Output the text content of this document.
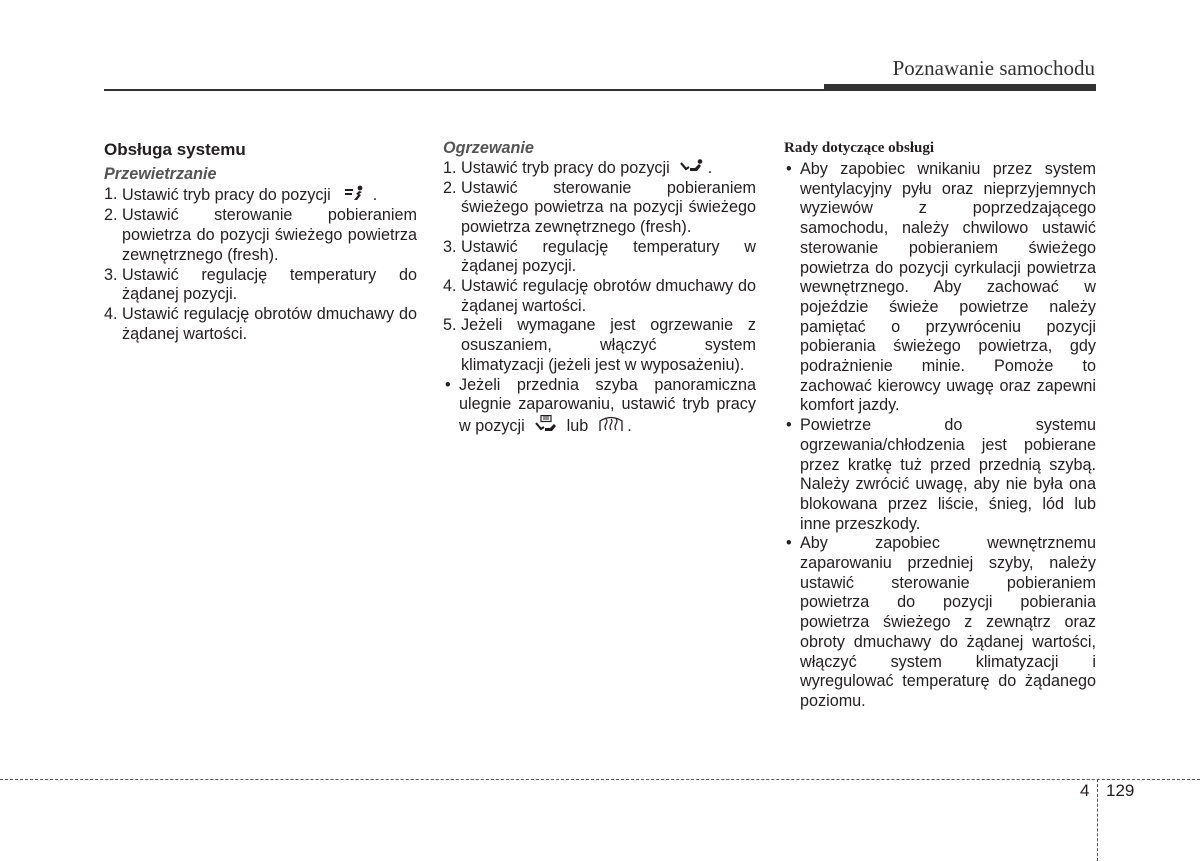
Poznawanie samochodu
Obsługa systemu
Przewietrzanie
1. Ustawić tryb pracy do pozycji	.
2. Ustawić sterowanie pobieraniem powietrza do pozycji świeżego powietrza zewnętrznego (fresh).
3. Ustawić regulację temperatury do żądanej pozycji.
4. Ustawić regulację obrotów dmuchawy do żądanej wartości.
Ogrzewanie
1. Ustawić tryb pracy do pozycji .
2. Ustawić sterowanie pobieraniem świeżego powietrza na pozycji świeżego powietrza zewnętrznego (fresh).
3. Ustawić regulację temperatury w żądanej pozycji.
4. Ustawić regulację obrotów dmuchawy do żądanej wartości.
5. Jeżeli wymagane jest ogrzewanie z osuszaniem, włączyć system klimatyzacji (jeżeli jest w wyposażeniu).
• Jeżeli przednia szyba panoramiczna ulegnie zaparowaniu, ustawić tryb pracy w pozycji	lub .
Rady dotyczące obsługi
• Aby zapobiec wnikaniu przez system wentylacyjny pyłu oraz nieprzyjemnych wyziewów z poprzedzającego samochodu, należy chwilowo ustawić sterowanie pobieraniem świeżego powietrza do pozycji cyrkulacji powietrza wewnętrznego. Aby zachować w pojeździe świeże powietrze należy pamiętać o przywróceniu pozycji pobierania świeżego powietrza, gdy podrażnienie minie. Pomoże to zachować kierowcy uwagę oraz zapewni komfort jazdy.
• Powietrze do systemu ogrzewania/chłodzenia jest pobierane przez kratkę tuż przed przednią szybą. Należy zwrócić uwagę, aby nie była ona blokowana przez liście, śnieg, lód lub inne przeszkody.
• Aby zapobiec wewnętrznemu zaparowaniu przedniej szyby, należy ustawić sterowanie pobieraniem powietrza do pozycji pobierania powietrza świeżego z zewnątrz oraz obroty dmuchawy do żądanej wartości, włączyć system klimatyzacji i wyregulować temperaturę do żądanego poziomu.
4 129
